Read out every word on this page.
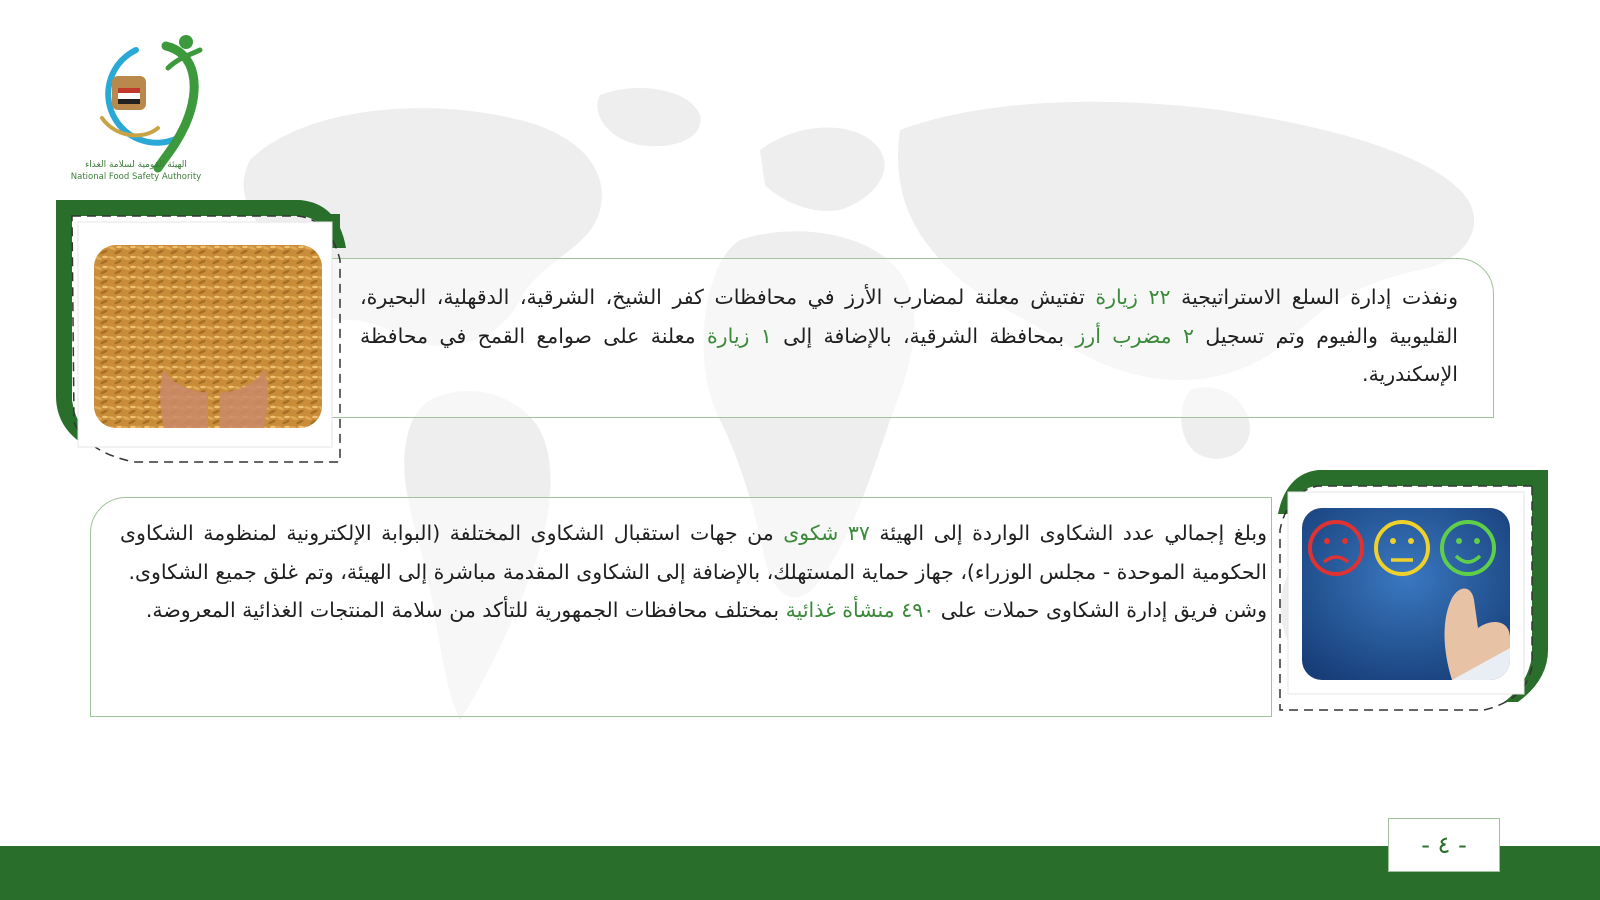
NFSA
الهيئة القومية لسلامة الغذاء
National Food Safety Authority
ونفذت إدارة السلع الاستراتيجية ٢٢ زيارة تفتيش معلنة لمضارب الأرز في محافظات كفر الشيخ، الشرقية، الدقهلية، البحيرة، القليوبية والفيوم وتم تسجيل ٢ مضرب أرز بمحافظة الشرقية، بالإضافة إلى ١ زيارة معلنة على صوامع القمح في محافظة الإسكندرية.
وبلغ إجمالي عدد الشكاوى الواردة إلى الهيئة ٣٧ شكوى من جهات استقبال الشكاوى المختلفة (البوابة الإلكترونية لمنظومة الشكاوى الحكومية الموحدة - مجلس الوزراء)، جهاز حماية المستهلك، بالإضافة إلى الشكاوى المقدمة مباشرة إلى الهيئة، وتم غلق جميع الشكاوى.
وشن فريق إدارة الشكاوى حملات على ٤٩٠ منشأة غذائية بمختلف محافظات الجمهورية للتأكد من سلامة المنتجات الغذائية المعروضة.
- ٤ -
